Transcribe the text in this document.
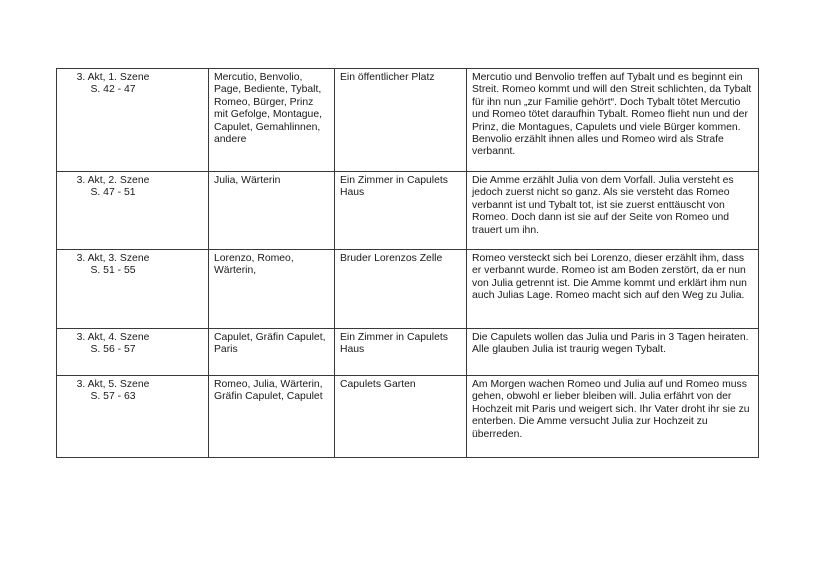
3. Akt, 1. Szene
S. 42 - 47	Mercutio, Benvolio, Page, Bediente, Tybalt, Romeo, Bürger, Prinz mit Gefolge, Montague, Capulet, Gemahlinnen, andere	Ein öffentlicher Platz	Mercutio und Benvolio treffen auf Tybalt und es beginnt ein Streit. Romeo kommt und will den Streit schlichten, da Tybalt für ihn nun „zur Familie gehört“. Doch Tybalt tötet Mercutio und Romeo tötet daraufhin Tybalt. Romeo flieht nun und der Prinz, die Montagues, Capulets und viele Bürger kommen. Benvolio erzählt ihnen alles und Romeo wird als Strafe verbannt.

3. Akt, 2. Szene
S. 47 - 51	Julia, Wärterin	Ein Zimmer in Capulets Haus	Die Amme erzählt Julia von dem Vorfall. Julia versteht es jedoch zuerst nicht so ganz. Als sie versteht das Romeo verbannt ist und Tybalt tot, ist sie zuerst enttäuscht von Romeo. Doch dann ist sie auf der Seite von Romeo und trauert um ihn.

3. Akt, 3. Szene
S. 51 - 55	Lorenzo, Romeo, Wärterin,	Bruder Lorenzos Zelle	Romeo versteckt sich bei Lorenzo, dieser erzählt ihm, dass er verbannt wurde. Romeo ist am Boden zerstört, da er nun von Julia getrennt ist. Die Amme kommt und erklärt ihm nun auch Julias Lage. Romeo macht sich auf den Weg zu Julia.

3. Akt, 4. Szene
S. 56 - 57	Capulet, Gräfin Capulet, Paris	Ein Zimmer in Capulets Haus	Die Capulets wollen das Julia und Paris in 3 Tagen heiraten. Alle glauben Julia ist traurig wegen Tybalt.

3. Akt, 5. Szene
S. 57 - 63	Romeo, Julia, Wärterin, Gräfin Capulet, Capulet	Capulets Garten	Am Morgen wachen Romeo und Julia auf und Romeo muss gehen, obwohl er lieber bleiben will. Julia erfährt von der Hochzeit mit Paris und weigert sich. Ihr Vater droht ihr sie zu enterben. Die Amme versucht Julia zur Hochzeit zu überreden.
